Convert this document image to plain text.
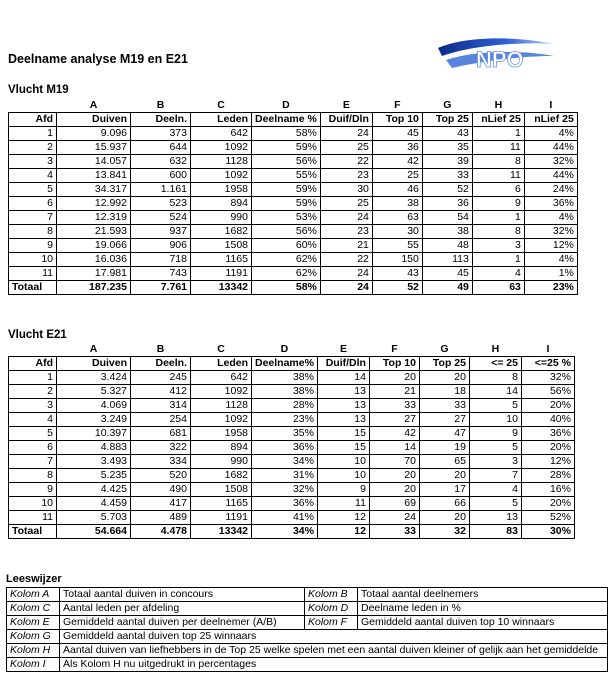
Deelname analyse M19 en E21	NPO
Vlucht M19
	A	B	C	D	E	F	G	H	I
Afd	Duiven	Deeln.	Leden	Deelname %	Duif/Dln	Top 10	Top 25	nLief 25	nLief 25
1	9.096	373	642	58%	24	45	43	1	4%
2	15.937	644	1092	59%	25	36	35	11	44%
3	14.057	632	1128	56%	22	42	39	8	32%
4	13.841	600	1092	55%	23	25	33	11	44%
5	34.317	1.161	1958	59%	30	46	52	6	24%
6	12.992	523	894	59%	25	38	36	9	36%
7	12.319	524	990	53%	24	63	54	1	4%
8	21.593	937	1682	56%	23	30	38	8	32%
9	19.066	906	1508	60%	21	55	48	3	12%
10	16.036	718	1165	62%	22	150	113	1	4%
11	17.981	743	1191	62%	24	43	45	4	1%
Totaal	187.235	7.761	13342	58%	24	52	49	63	23%
Vlucht E21
	A	B	C	D	E	F	G	H	I
Afd	Duiven	Deeln.	Leden	Deelname%	Duif/Dln	Top 10	Top 25	<= 25	<=25 %
1	3.424	245	642	38%	14	20	20	8	32%
2	5.327	412	1092	38%	13	21	18	14	56%
3	4.069	314	1128	28%	13	33	33	5	20%
4	3.249	254	1092	23%	13	27	27	10	40%
5	10.397	681	1958	35%	15	42	47	9	36%
6	4.883	322	894	36%	15	14	19	5	20%
7	3.493	334	990	34%	10	70	65	3	12%
8	5.235	520	1682	31%	10	20	20	7	28%
9	4.425	490	1508	32%	9	20	17	4	16%
10	4.459	417	1165	36%	11	69	66	5	20%
11	5.703	489	1191	41%	12	24	20	13	52%
Totaal	54.664	4.478	13342	34%	12	33	32	83	30%
Leeswijzer
Kolom A	Totaal aantal duiven in concours	Kolom B	Totaal aantal deelnemers
Kolom C	Aantal leden per afdeling	Kolom D	Deelname leden in %
Kolom E	Gemiddeld aantal duiven per deelnemer (A/B)	Kolom F	Gemiddeld aantal duiven top 10 winnaars
Kolom G	Gemiddeld aantal duiven top 25 winnaars		
Kolom H	Aantal duiven van liefhebbers in de Top 25 welke spelen met een aantal duiven kleiner of gelijk aan het gemiddelde		
Kolom I	Als Kolom H nu uitgedrukt in percentages		
